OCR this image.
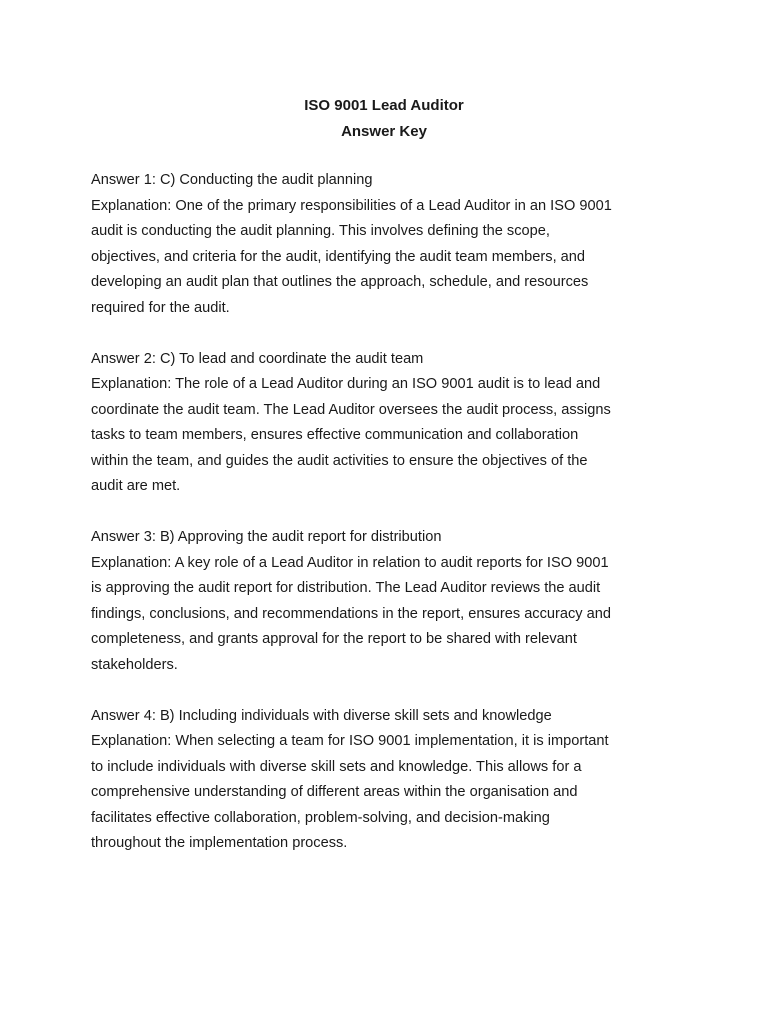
ISO 9001 Lead Auditor

Answer Key

Answer 1: C) Conducting the audit planning

Explanation: One of the primary responsibilities of a Lead Auditor in an ISO 9001
audit is conducting the audit planning. This involves defining the scope,
objectives, and criteria for the audit, identifying the audit team members, and
developing an audit plan that outlines the approach, schedule, and resources
required for the audit.

Answer 2: C) To lead and coordinate the audit team

Explanation: The role of a Lead Auditor during an ISO 9001 audit is to lead and
coordinate the audit team. The Lead Auditor oversees the audit process, assigns
tasks to team members, ensures effective communication and collaboration
within the team, and guides the audit activities to ensure the objectives of the
audit are met.

Answer 3: B) Approving the audit report for distribution

Explanation: A key role of a Lead Auditor in relation to audit reports for ISO 9001
is approving the audit report for distribution. The Lead Auditor reviews the audit
findings, conclusions, and recommendations in the report, ensures accuracy and
completeness, and grants approval for the report to be shared with relevant
stakeholders.

Answer 4: B) Including individuals with diverse skill sets and knowledge

Explanation: When selecting a team for ISO 9001 implementation, it is important
to include individuals with diverse skill sets and knowledge. This allows for a
comprehensive understanding of different areas within the organisation and
facilitates effective collaboration, problem-solving, and decision-making
throughout the implementation process.
